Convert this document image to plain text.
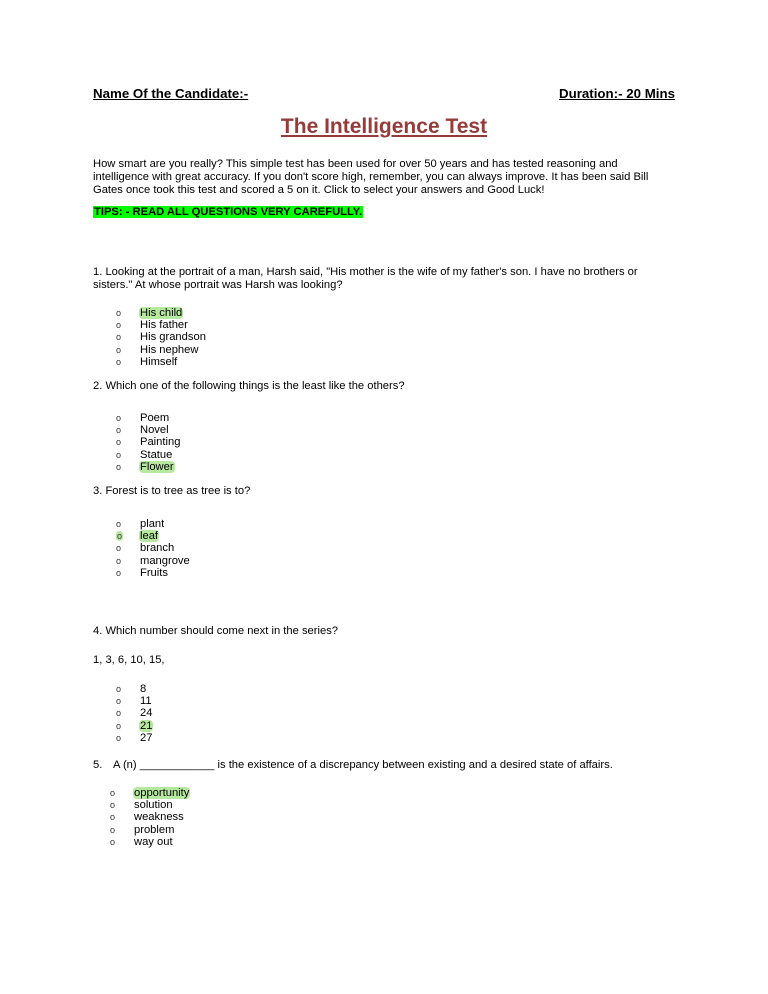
Name Of the Candidate:-	Duration:- 20 Mins
The Intelligence Test
How smart are you really? This simple test has been used for over 50 years and has tested reasoning and intelligence with great accuracy. If you don't score high, remember, you can always improve. It has been said Bill Gates once took this test and scored a 5 on it. Click to select your answers and Good Luck!
TIPS: - READ ALL QUESTIONS VERY CAREFULLY.
1. Looking at the portrait of a man, Harsh said, "His mother is the wife of my father's son. I have no brothers or sisters." At whose portrait was Harsh was looking?
o	His child
o	His father
o	His grandson
o	His nephew
o	Himself
2. Which one of the following things is the least like the others?
o	Poem
o	Novel
o	Painting
o	Statue
o	Flower
3. Forest is to tree as tree is to?
o	plant
o	leaf
o	branch
o	mangrove
o	Fruits
4. Which number should come next in the series?
1, 3, 6, 10, 15,
o	8
o	11
o	24
o	21
o	27
5. A (n) ____________ is the existence of a discrepancy between existing and a desired state of affairs.
o	opportunity
o	solution
o	weakness
o	problem
o	way out
